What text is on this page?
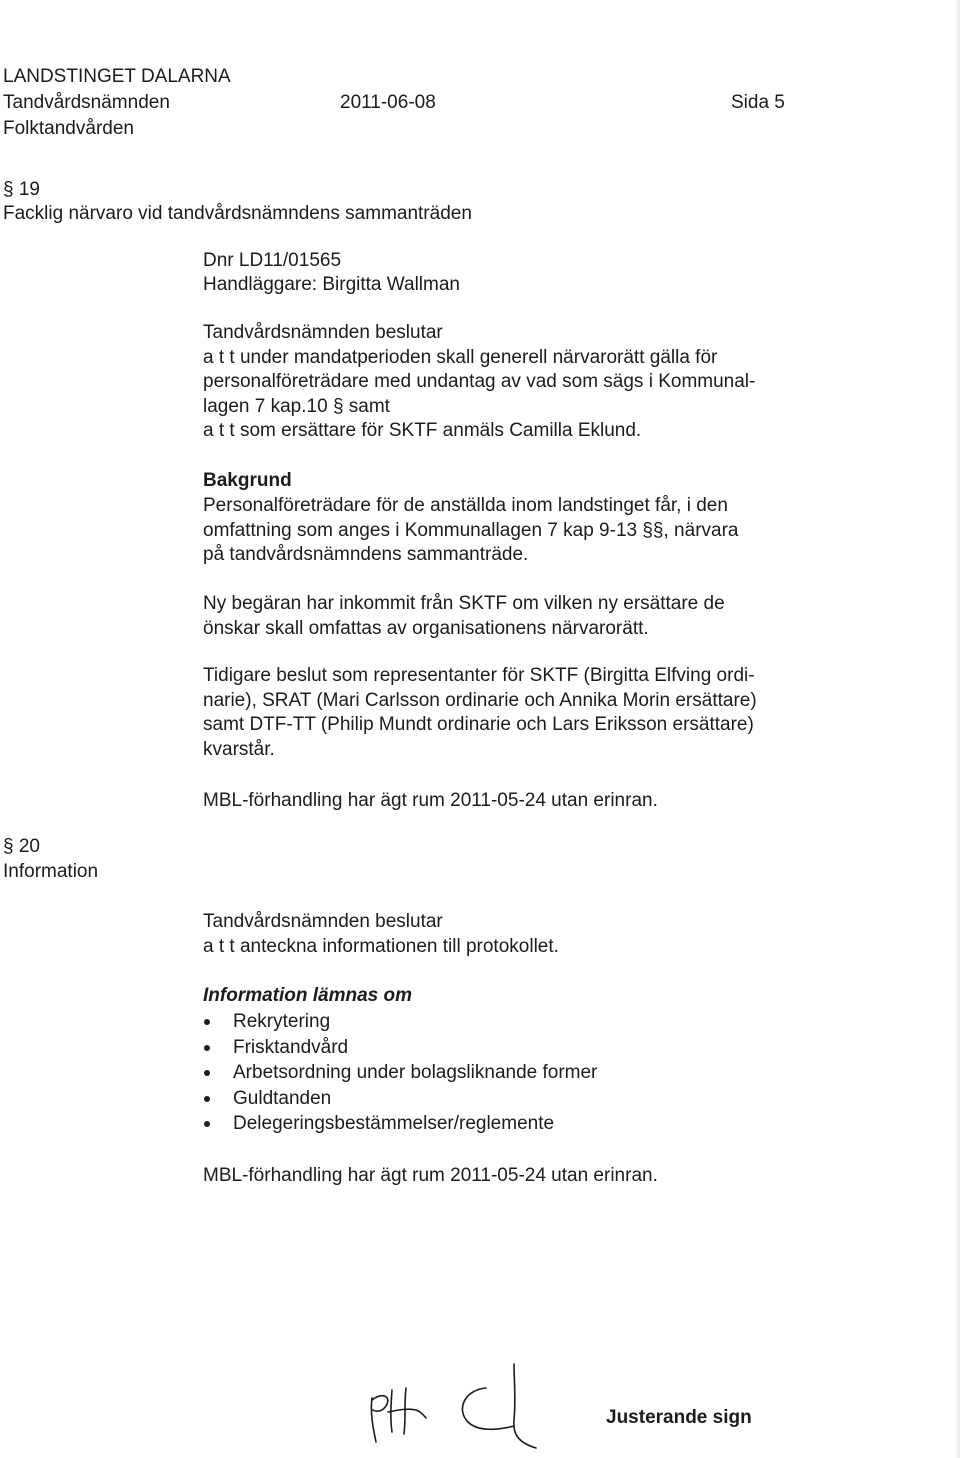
LANDSTINGET DALARNA
Tandvårdsnämnden	2011-06-08	Sida 5
Folktandvården
§ 19
Facklig närvaro vid tandvårdsnämndens sammanträden
Dnr LD11/01565
Handläggare: Birgitta Wallman
Tandvårdsnämnden beslutar
a t t under mandatperioden skall generell närvarorätt gälla för
personalföreträdare med undantag av vad som sägs i Kommunal-
lagen 7 kap.10 § samt
a t t som ersättare för SKTF anmäls Camilla Eklund.
Bakgrund
Personalföreträdare för de anställda inom landstinget får, i den
omfattning som anges i Kommunallagen 7 kap 9-13 §§, närvara
på tandvårdsnämndens sammanträde.
Ny begäran har inkommit från SKTF om vilken ny ersättare de
önskar skall omfattas av organisationens närvarorätt.
Tidigare beslut som representanter för SKTF (Birgitta Elfving ordi-
narie), SRAT (Mari Carlsson ordinarie och Annika Morin ersättare)
samt DTF-TT (Philip Mundt ordinarie och Lars Eriksson ersättare)
kvarstår.
MBL-förhandling har ägt rum 2011-05-24 utan erinran.
§ 20
Information
Tandvårdsnämnden beslutar
a t t anteckna informationen till protokollet.
Information lämnas om
Rekrytering
Frisktandvård
Arbetsordning under bolagsliknande former
Guldtanden
Delegeringsbestämmelser/reglemente
MBL-förhandling har ägt rum 2011-05-24 utan erinran.
Justerande sign
